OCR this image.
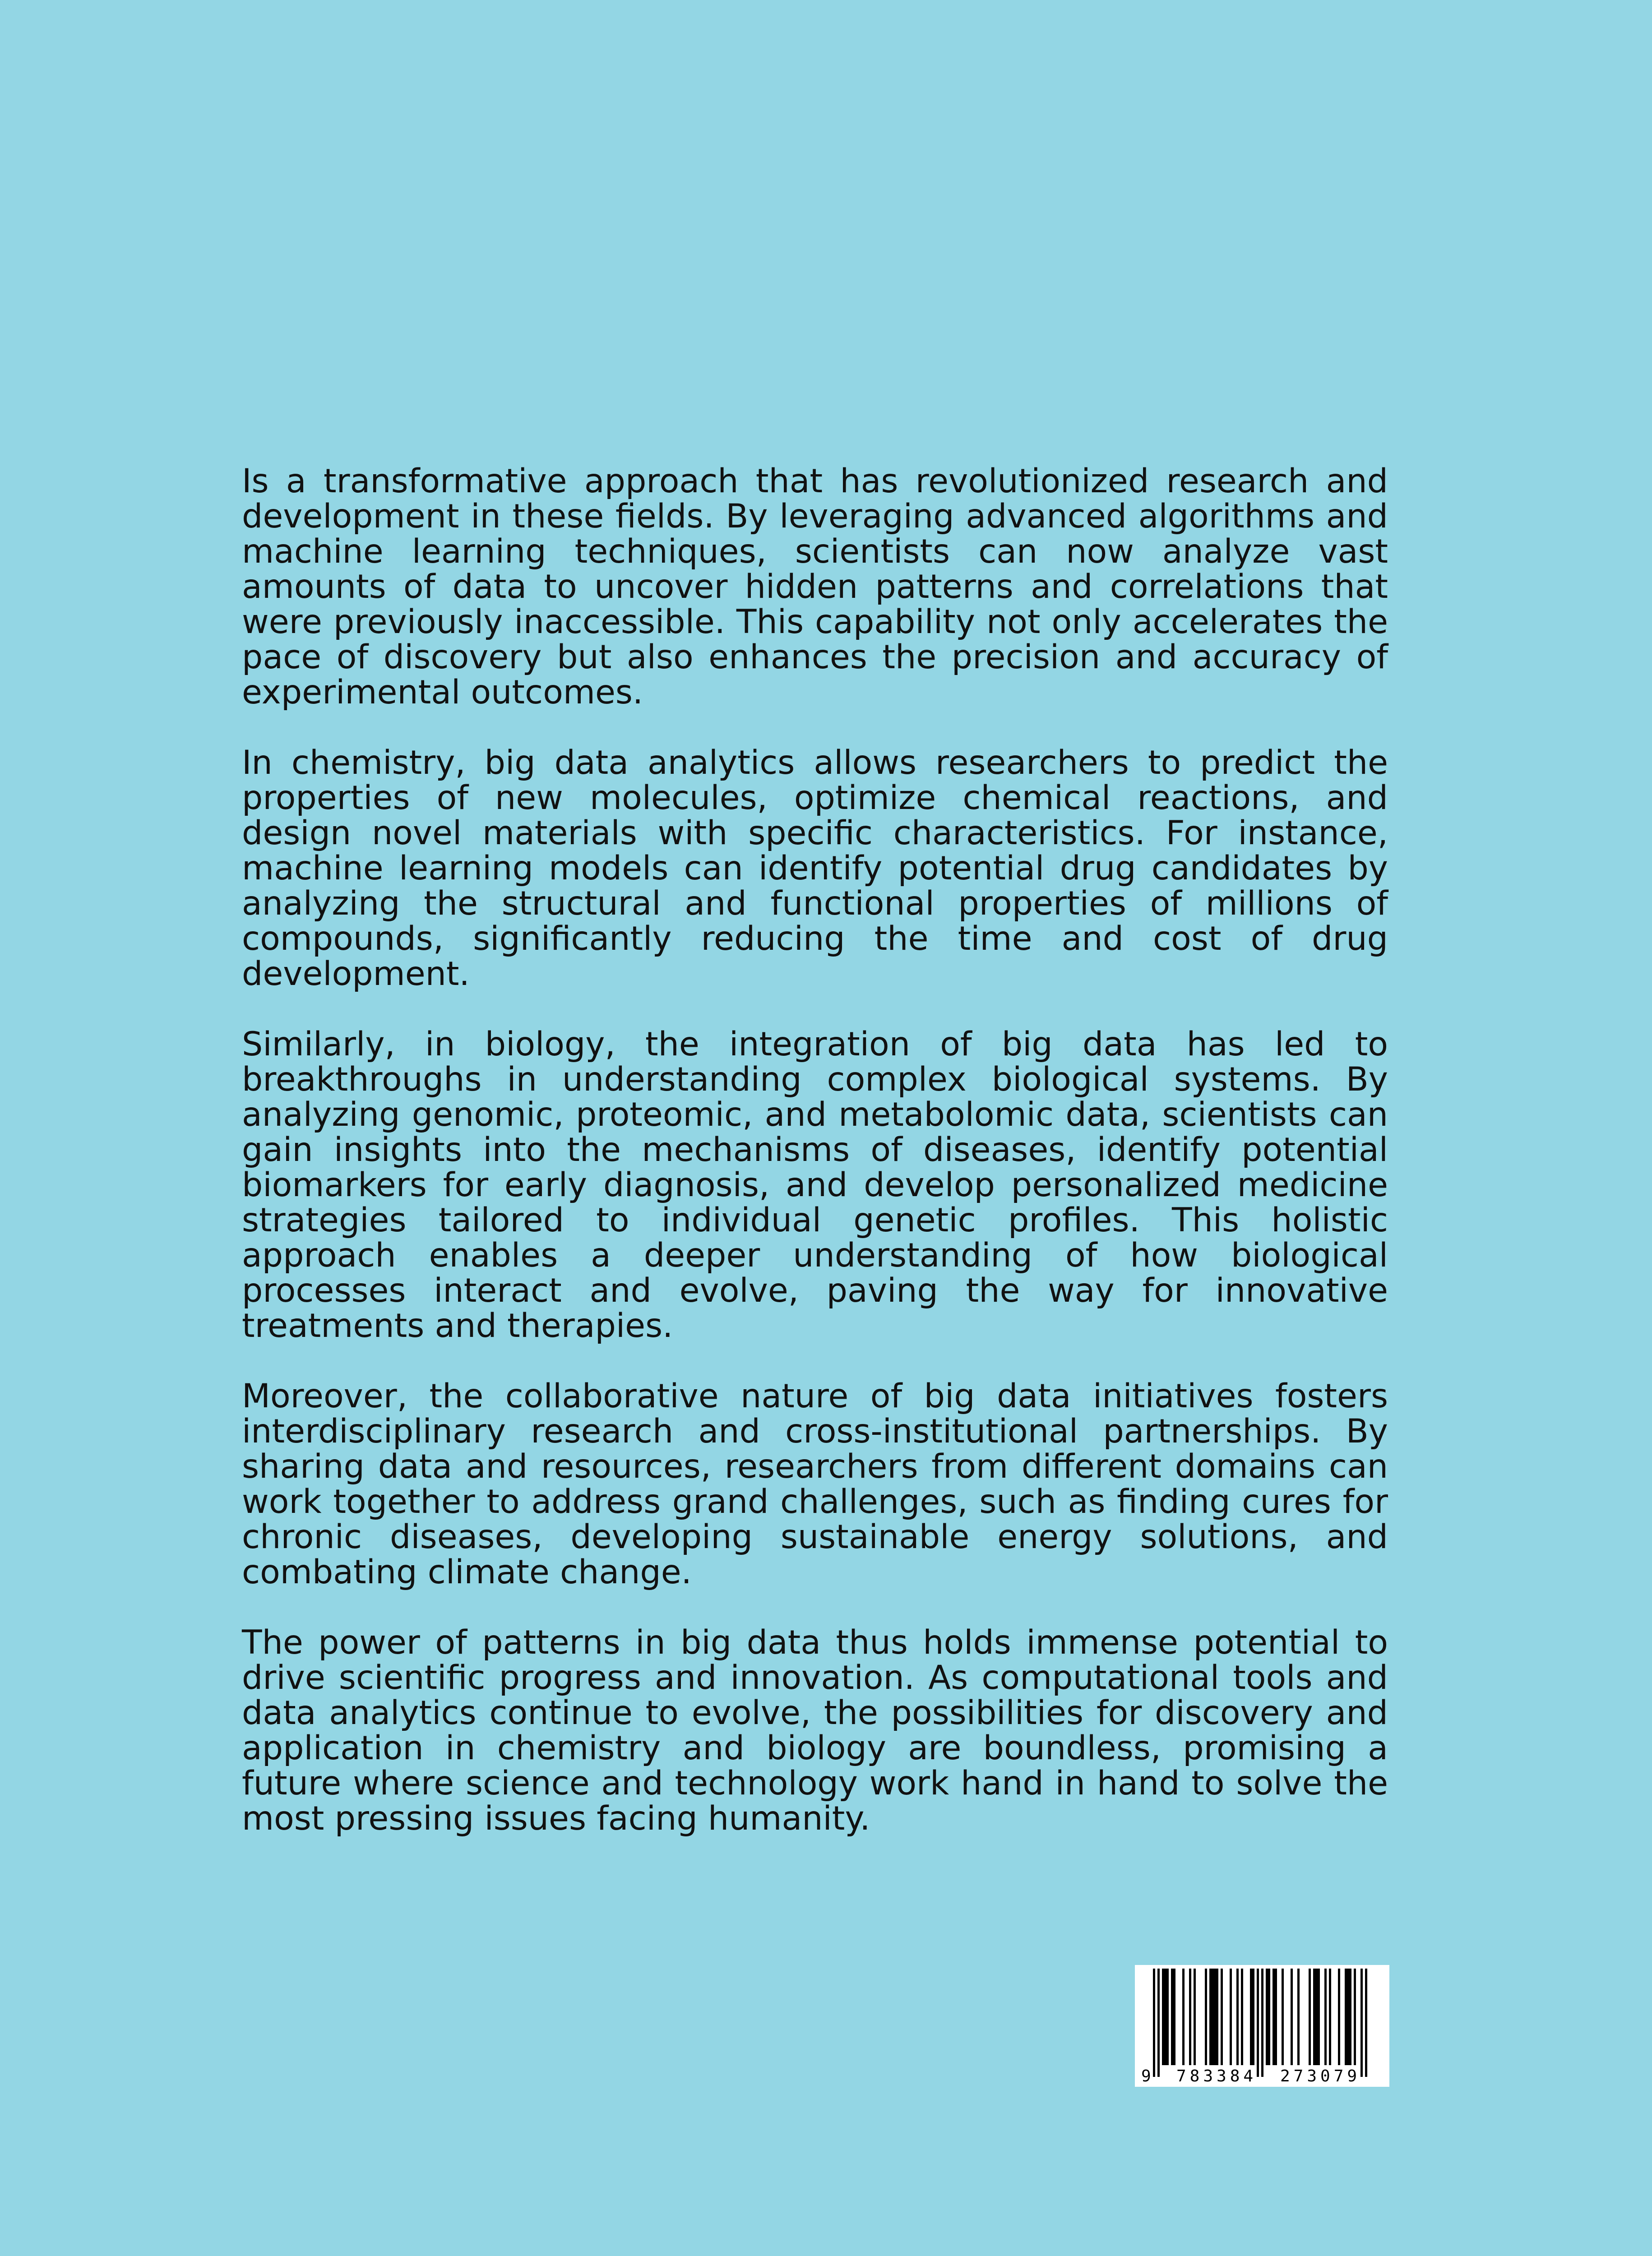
Is a transformative approach that has revolutionized research and development in these fields. By leveraging advanced algorithms and machine learning techniques, scientists can now analyze vast amounts of data to uncover hidden patterns and correlations that were previously inaccessible. This capability not only accelerates the pace of discovery but also enhances the precision and accuracy of experimental outcomes.

In chemistry, big data analytics allows researchers to predict the properties of new molecules, optimize chemical reactions, and design novel materials with specific characteristics. For instance, machine learning models can identify potential drug candidates by analyzing the structural and functional properties of millions of compounds, significantly reducing the time and cost of drug development.

Similarly, in biology, the integration of big data has led to breakthroughs in understanding complex biological systems. By analyzing genomic, proteomic, and metabolomic data, scientists can gain insights into the mechanisms of diseases, identify potential biomarkers for early diagnosis, and develop personalized medicine strategies tailored to individual genetic profiles. This holistic approach enables a deeper understanding of how biological processes interact and evolve, paving the way for innovative treatments and therapies.

Moreover, the collaborative nature of big data initiatives fosters interdisciplinary research and cross-institutional partnerships. By sharing data and resources, researchers from different domains can work together to address grand challenges, such as finding cures for chronic diseases, developing sustainable energy solutions, and combating climate change.

The power of patterns in big data thus holds immense potential to drive scientific progress and innovation. As computational tools and data analytics continue to evolve, the possibilities for discovery and application in chemistry and biology are boundless, promising a future where science and technology work hand in hand to solve the most pressing issues facing humanity.

9 783384 273079
